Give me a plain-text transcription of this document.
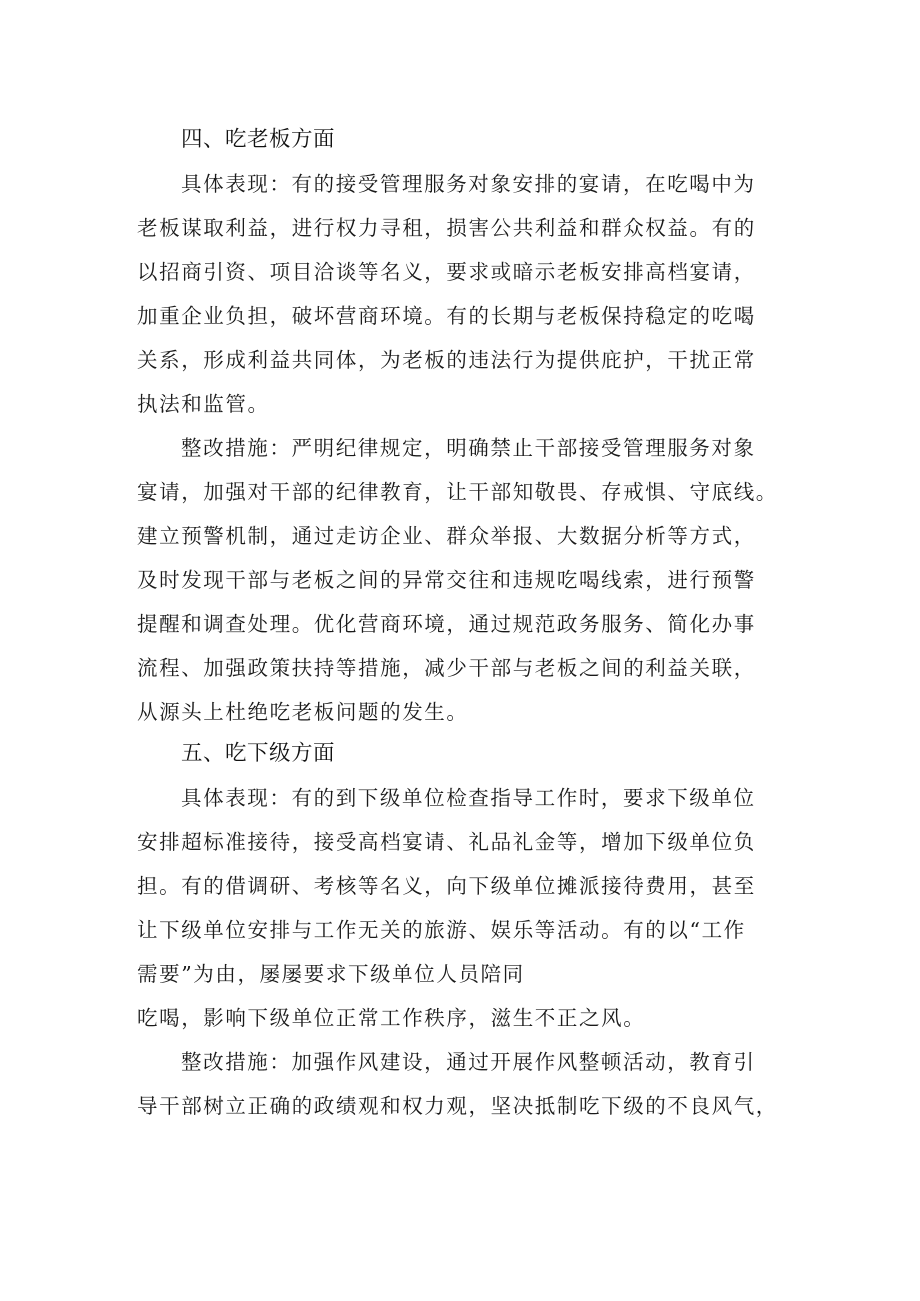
四、吃老板方面
具体表现：有的接受管理服务对象安排的宴请，在吃喝中为
老板谋取利益，进行权力寻租，损害公共利益和群众权益。有的
以招商引资、项目洽谈等名义，要求或暗示老板安排高档宴请，
加重企业负担，破坏营商环境。有的长期与老板保持稳定的吃喝
关系，形成利益共同体，为老板的违法行为提供庇护，干扰正常
执法和监管。
整改措施：严明纪律规定，明确禁止干部接受管理服务对象
宴请，加强对干部的纪律教育，让干部知敬畏、存戒惧、守底线。
建立预警机制，通过走访企业、群众举报、大数据分析等方式，
及时发现干部与老板之间的异常交往和违规吃喝线索，进行预警
提醒和调查处理。优化营商环境，通过规范政务服务、简化办事
流程、加强政策扶持等措施，减少干部与老板之间的利益关联，
从源头上杜绝吃老板问题的发生。
五、吃下级方面
具体表现：有的到下级单位检查指导工作时，要求下级单位
安排超标准接待，接受高档宴请、礼品礼金等，增加下级单位负
担。有的借调研、考核等名义，向下级单位摊派接待费用，甚至
让下级单位安排与工作无关的旅游、娱乐等活动。有的以“工作
需要”为由，屡屡要求下级单位人员陪同
吃喝，影响下级单位正常工作秩序，滋生不正之风。
整改措施：加强作风建设，通过开展作风整顿活动，教育引
导干部树立正确的政绩观和权力观，坚决抵制吃下级的不良风气，
